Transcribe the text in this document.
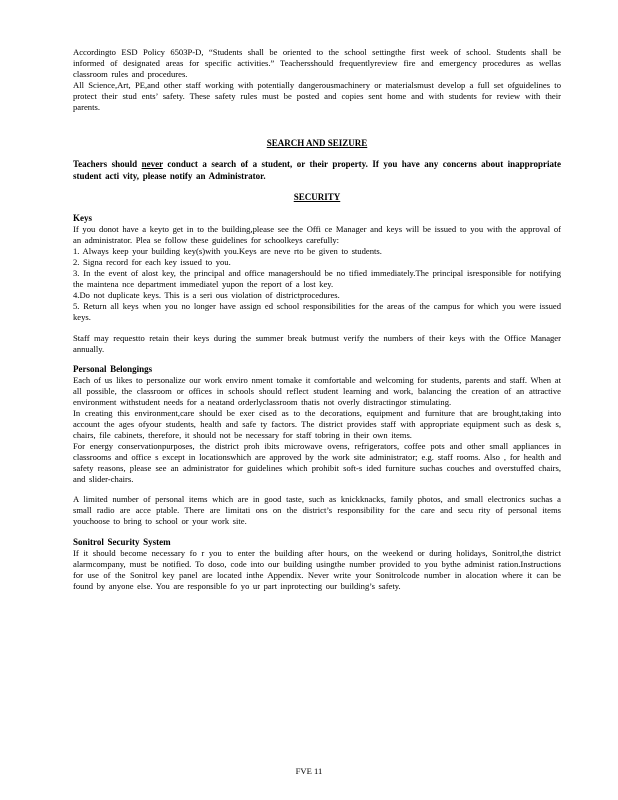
Accordingto ESD Policy 6503P-D, “Students shall be oriented to the school settingthe first week of school. Students shall be informed of designated areas for specific activities.” Teachersshould frequentlyreview fire and emergency procedures as wellas classroom rules and procedures.

All Science,Art, PE,and other staff working with potentially dangerousmachinery or materialsmust develop a full set ofguidelines to protect their stud ents’ safety. These safety rules must be posted and copies sent home and with students for review with their parents.

SEARCH AND SEIZURE

Teachers should never conduct a search of a student, or their property. If you have any concerns about inappropriate student acti vity, please notify an Administrator.

SECURITY

Keys

If you donot have a keyto get in to the building,please see the Offi ce Manager and keys will be issued to you with the approval of an administrator. Plea se follow these guidelines for schoolkeys carefully:

1. Always keep your building key(s)with you.Keys are neve rto be given to students.

2. Signa record for each key issued to you.

3. In the event of alost key, the principal and office managershould be no tified immediately.The principal isresponsible for notifying the maintena nce department immediatel yupon the report of a lost key.

4.Do not duplicate keys. This is a seri ous violation of districtprocedures.

5. Return all keys when you no longer have assign ed school responsibilities for the areas of the campus for which you were issued keys.

Staff may requestto retain their keys during the summer break butmust verify the numbers of their keys with the Office Manager annually.

Personal Belongings

Each of us likes to personalize our work enviro nment tomake it comfortable and welcoming for students, parents and staff. When at all possible, the classroom or offices in schools should reflect student learning and work, balancing the creation of an attractive environment withstudent needs for a neatand orderlyclassroom thatis not overly distractingor stimulating.

In creating this environment,care should be exer cised as to the decorations, equipment and furniture that are brought,taking into account the ages ofyour students, health and safe ty factors. The district provides staff with appropriate equipment such as desk s, chairs, file cabinets, therefore, it should not be necessary for staff tobring in their own items.

For energy conservationpurposes, the district proh ibits microwave ovens, refrigerators, coffee pots and other small appliances in classrooms and office s except in locationswhich are approved by the work site administrator; e.g. staff rooms. Also , for health and safety reasons, please see an administrator for guidelines which prohibit soft-s ided furniture suchas couches and overstuffed chairs, and slider-chairs.

A limited number of personal items which are in good taste, such as knickknacks, family photos, and small electronics suchas a small radio are acce ptable. There are limitati ons on the district’s responsibility for the care and secu rity of personal items youchoose to bring to school or your work site.

Sonitrol Security System

If it should become necessary fo r you to enter the building after hours, on the weekend or during holidays, Sonitrol,the district alarmcompany, must be notified. To doso, code into our building usingthe number provided to you bythe administ ration.Instructions for use of the Sonitrol key panel are located inthe Appendix. Never write your Sonitrolcode number in alocation where it can be found by anyone else. You are responsible fo yo ur part inprotecting our building’s safety.

FVE 11
